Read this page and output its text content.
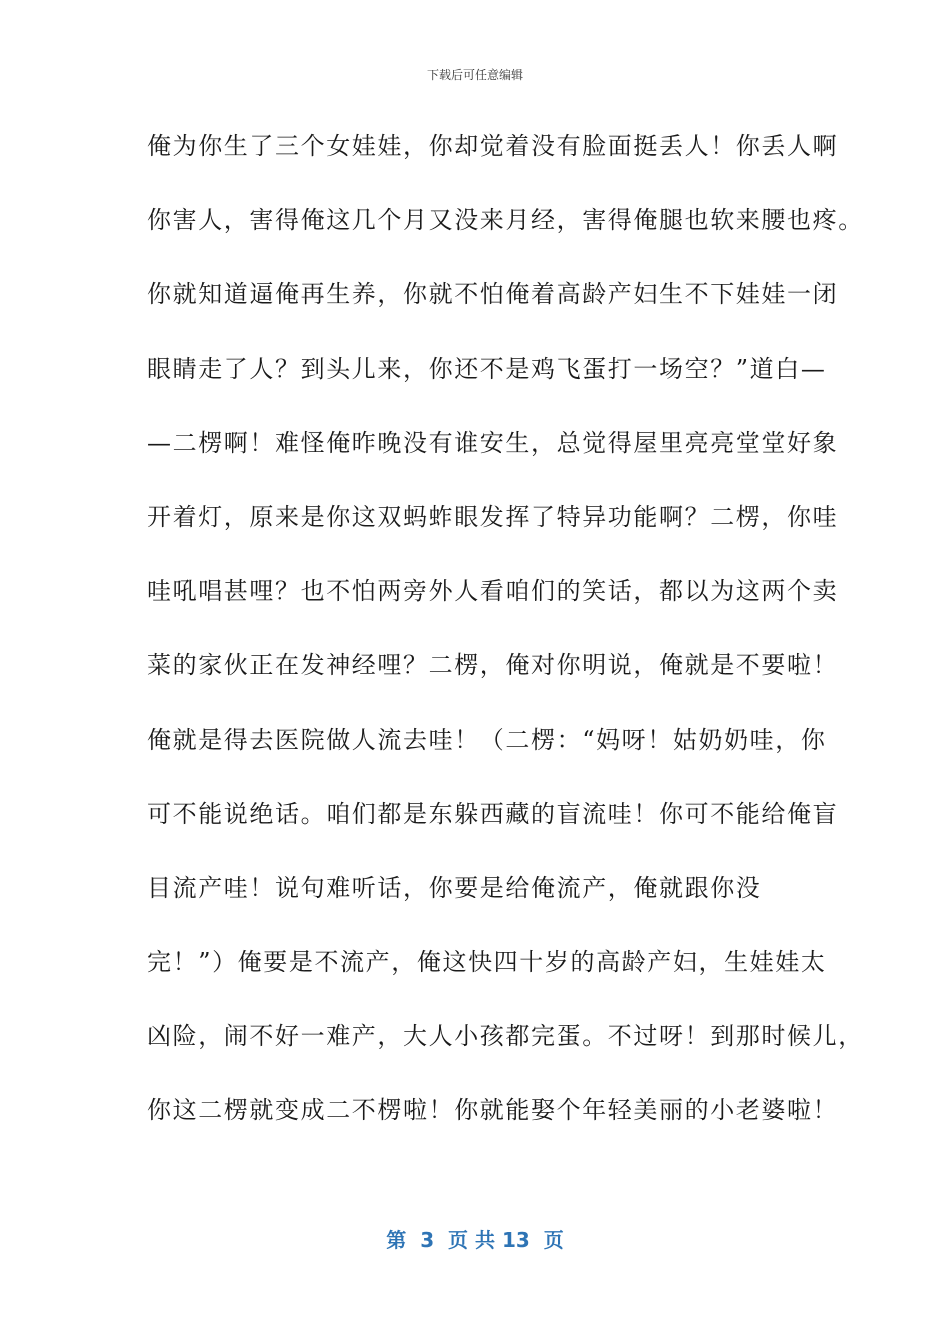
下载后可任意编辑
俺为你生了三个女娃娃，你却觉着没有脸面挺丢人！你丢人啊
你害人，害得俺这几个月又没来月经，害得俺腿也软来腰也疼。
你就知道逼俺再生养，你就不怕俺着高龄产妇生不下娃娃一闭
眼睛走了人？到头儿来，你还不是鸡飞蛋打一场空？”道白—
—二楞啊！难怪俺昨晚没有谁安生，总觉得屋里亮亮堂堂好象
开着灯，原来是你这双蚂蚱眼发挥了特异功能啊？二楞，你哇
哇吼唱甚哩？也不怕两旁外人看咱们的笑话，都以为这两个卖
菜的家伙正在发神经哩？二楞，俺对你明说，俺就是不要啦！
俺就是得去医院做人流去哇！（二楞：“妈呀！姑奶奶哇，你
可不能说绝话。咱们都是东躲西藏的盲流哇！你可不能给俺盲
目流产哇！说句难听话，你要是给俺流产，俺就跟你没
完！”）俺要是不流产，俺这快四十岁的高龄产妇，生娃娃太
凶险，闹不好一难产，大人小孩都完蛋。不过呀！到那时候儿，
你这二楞就变成二不楞啦！你就能娶个年轻美丽的小老婆啦！
第  3  页 共 13  页
